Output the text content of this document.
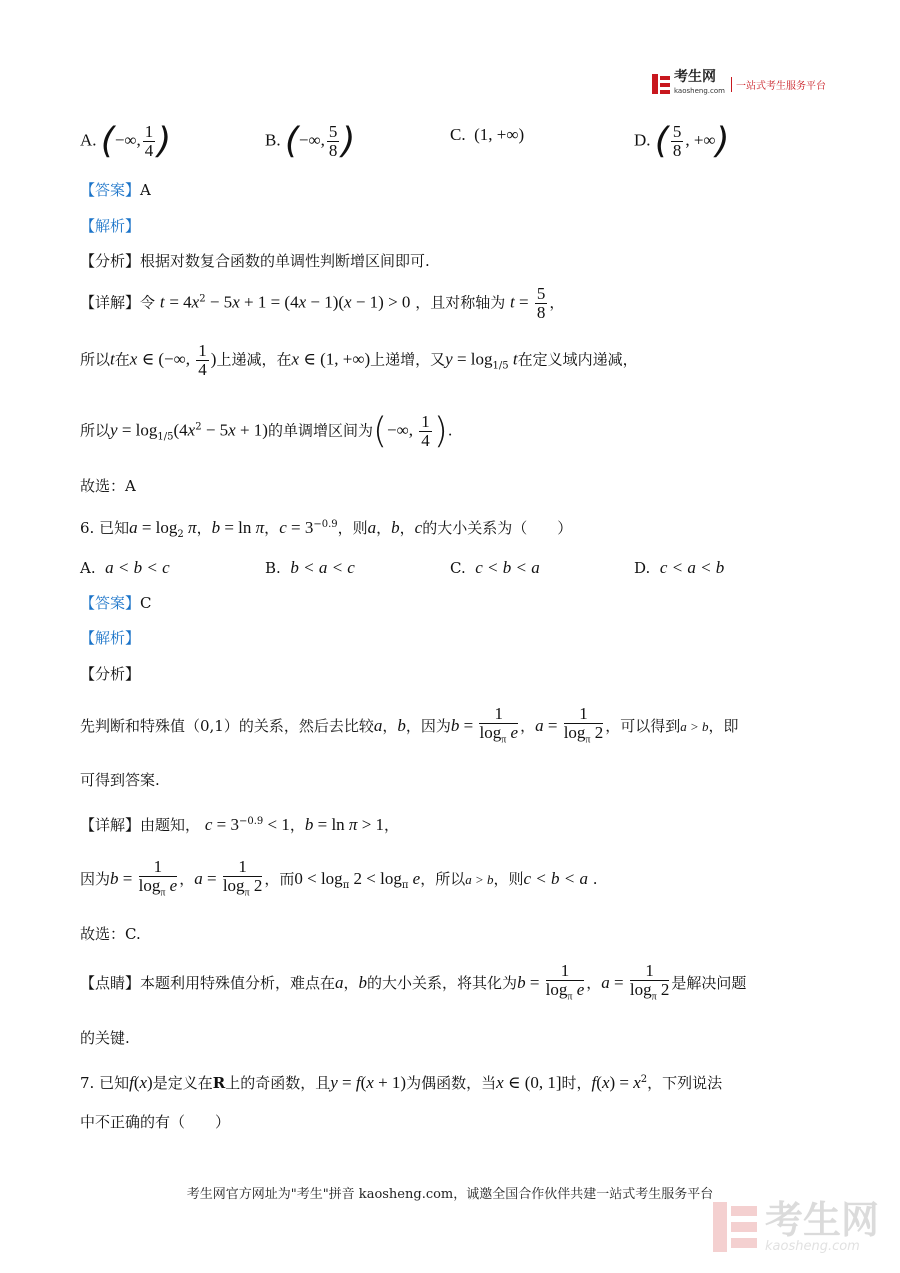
考生网
kaosheng.com	一站式考生服务平台
A. (−∞, $\frac{1}{4}$ )	B. (−∞, $\frac{5}{8}$ )	C.  (1, +∞)	D. ( $\frac{5}{8}$ , +∞)
【答案】A
【解析】
【分析】根据对数复合函数的单调性判断增区间即可.
【详解】令 $t = 4x^2 - 5x + 1 = (4x - 1)(x - 1) > 0$ ，且对称轴为 $t = \frac{5}{8}$ ，
所以t在x ∈ (−∞, $\frac{1}{4}$ )上递减，在x ∈ (1, +∞)上递增，又$y = \log_{1/5} t$在定义域内递减，
所以$y = \log_{1/5}(4x^2 - 5x + 1)$的单调增区间为(−∞, $\frac{1}{4}$ ).
故选：A
6. 已知$a = \log_2 \pi$，b = ln π，$c = 3^{-0.9}$，则a，b，c的大小关系为（　　）
A. a < b < c	B. b < a < c	C. c < b < a	D. c < a < b
【答案】C
【解析】
【分析】
先判断和特殊值（0,1）的关系，然后去比较a，b，因为$b = \frac{1}{\log_\pi e}$ ，$a = \frac{1}{\log_\pi 2}$ ，可以得到a > b，即
可得到答案.
【详解】由题知， $c = 3^{-0.9} < 1$，b = ln π > 1，
因为$b = \frac{1}{\log_\pi e}$ ，$a = \frac{1}{\log_\pi 2}$ ，而$0 < \log_\pi 2 < \log_\pi e$，所以a > b，则c < b < a .
故选：C.
【点睛】本题利用特殊值分析，难点在a，b的大小关系，将其化为$b = \frac{1}{\log_\pi e}$ ，$a = \frac{1}{\log_\pi 2}$ 是解决问题
的关键.
7. 已知f(x)是定义在R上的奇函数，且y = f(x + 1)为偶函数，当x ∈ (0, 1]时，$f(x) = x^2$，下列说法
中不正确的有（　　）
考生网官方网址为"考生"拼音 kaosheng.com，诚邀全国合作伙伴共建一站式考生服务平台
考生网
kaosheng.com
